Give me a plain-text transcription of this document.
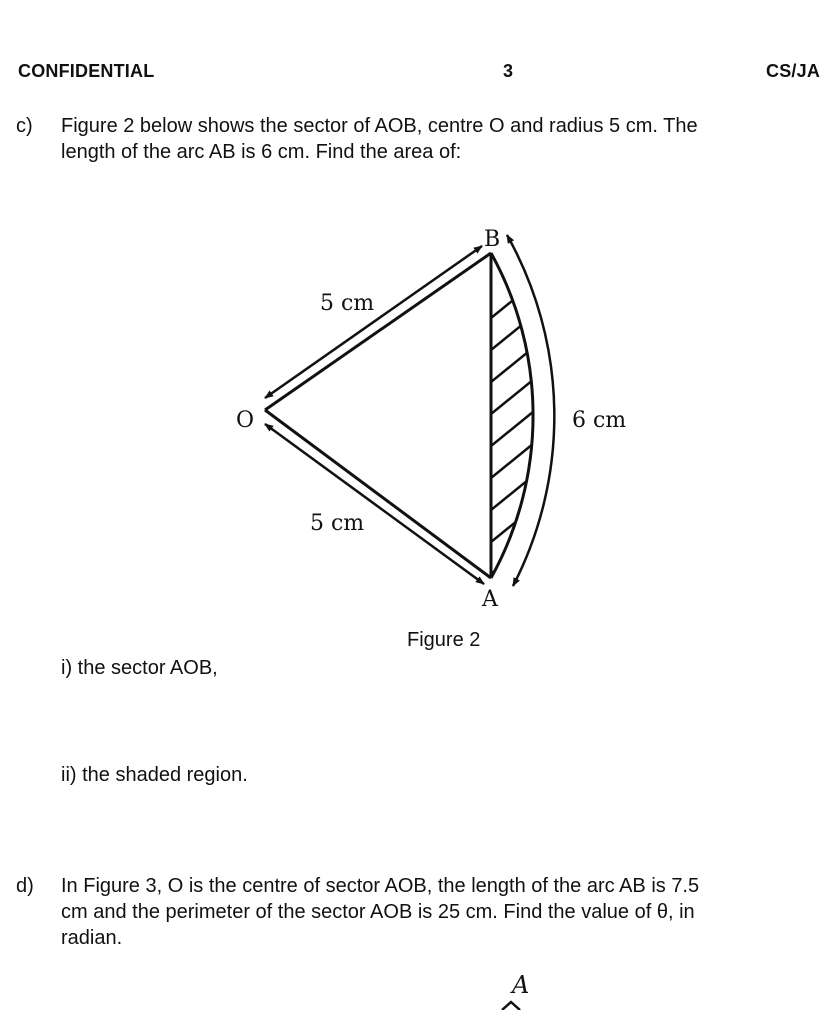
CONFIDENTIAL	3	CS/JA
c) Figure 2 below shows the sector of AOB, centre O and radius 5 cm. The
length of the arc AB is 6 cm. Find the area of:
B
O
A
5 cm
5 cm
6 cm
Figure 2
i) the sector AOB,
ii) the shaded region.
d) In Figure 3, O is the centre of sector AOB, the length of the arc AB is 7.5
cm and the perimeter of the sector AOB is 25 cm. Find the value of θ, in
radian.
A
